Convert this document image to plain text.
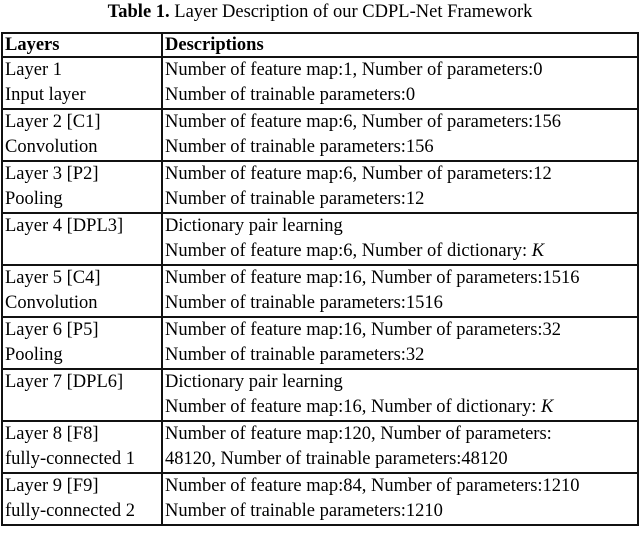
Table 1. Layer Description of our CDPL-Net Framework
Layers	Descriptions

Layer 1
Input layer	Number of feature map:1, Number of parameters:0
Number of trainable parameters:0

Layer 2 [C1]
Convolution	Number of feature map:6, Number of parameters:156
Number of trainable parameters:156

Layer 3 [P2]
Pooling	Number of feature map:6, Number of parameters:12
Number of trainable parameters:12

Layer 4 [DPL3]	Dictionary pair learning
Number of feature map:6, Number of dictionary: K

Layer 5 [C4]
Convolution	Number of feature map:16, Number of parameters:1516
Number of trainable parameters:1516

Layer 6 [P5]
Pooling	Number of feature map:16, Number of parameters:32
Number of trainable parameters:32

Layer 7 [DPL6]	Dictionary pair learning
Number of feature map:16, Number of dictionary: K

Layer 8 [F8]
fully-connected 1	Number of feature map:120, Number of parameters:
48120, Number of trainable parameters:48120

Layer 9 [F9]
fully-connected 2	Number of feature map:84, Number of parameters:1210
Number of trainable parameters:1210
